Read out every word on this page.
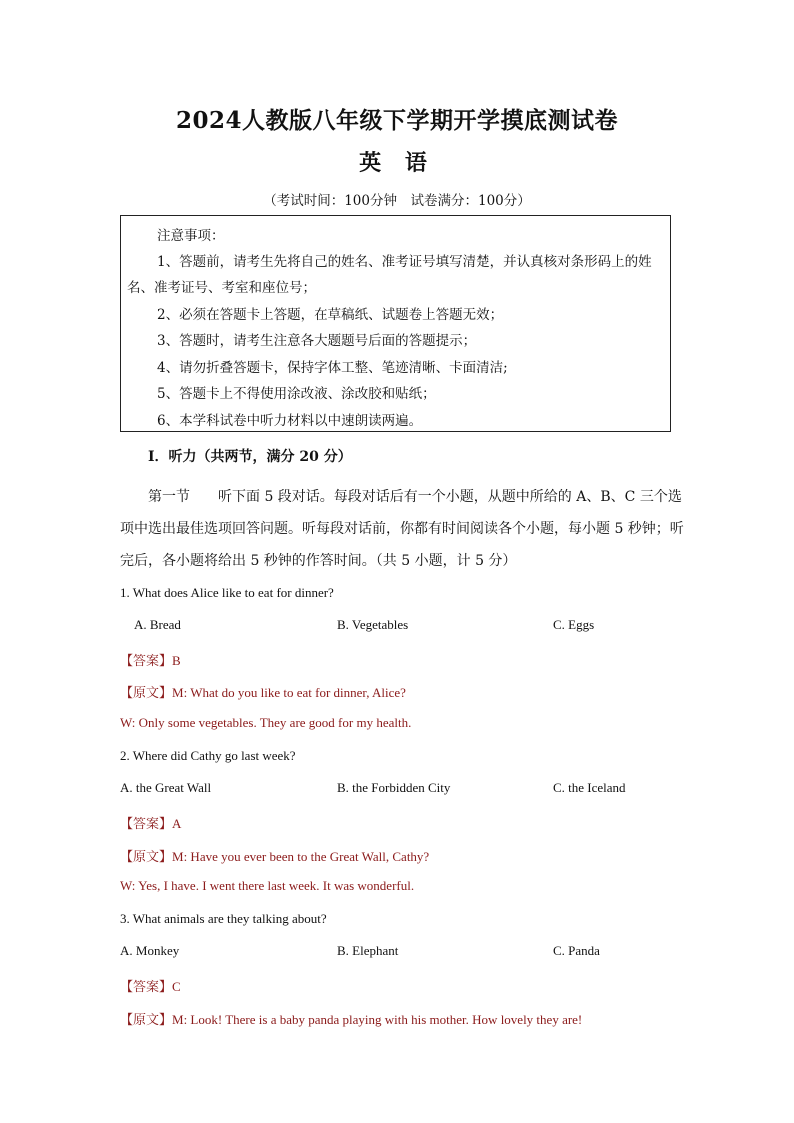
2024人教版八年级下学期开学摸底测试卷
英 语
（考试时间：100分钟　试卷满分：100分）
注意事项：
1、答题前，请考生先将自己的姓名、准考证号填写清楚，并认真核对条形码上的姓
名、准考证号、考室和座位号；
2、必须在答题卡上答题，在草稿纸、试题卷上答题无效；
3、答题时，请考生注意各大题题号后面的答题提示；
4、请勿折叠答题卡，保持字体工整、笔迹清晰、卡面清洁;
5、答题卡上不得使用涂改液、涂改胶和贴纸；
6、本学科试卷中听力材料以中速朗读两遍。
I．听力（共两节，满分 20 分）
第一节　　听下面 5 段对话。每段对话后有一个小题，从题中所给的 A、B、C 三个选
项中选出最佳选项回答问题。听每段对话前，你都有时间阅读各个小题，每小题 5 秒钟；听
完后，各小题将给出 5 秒钟的作答时间。（共 5 小题，计 5 分）
1. What does Alice like to eat for dinner?
A. Bread	B. Vegetables	C. Eggs
【答案】B
【原文】M: What do you like to eat for dinner, Alice?
W: Only some vegetables. They are good for my health.
2. Where did Cathy go last week?
A. the Great Wall	B. the Forbidden City	C. the Iceland
【答案】A
【原文】M: Have you ever been to the Great Wall, Cathy?
W: Yes, I have. I went there last week. It was wonderful.
3. What animals are they talking about?
A. Monkey	B. Elephant	C. Panda
【答案】C
【原文】M: Look! There is a baby panda playing with his mother. How lovely they are!
